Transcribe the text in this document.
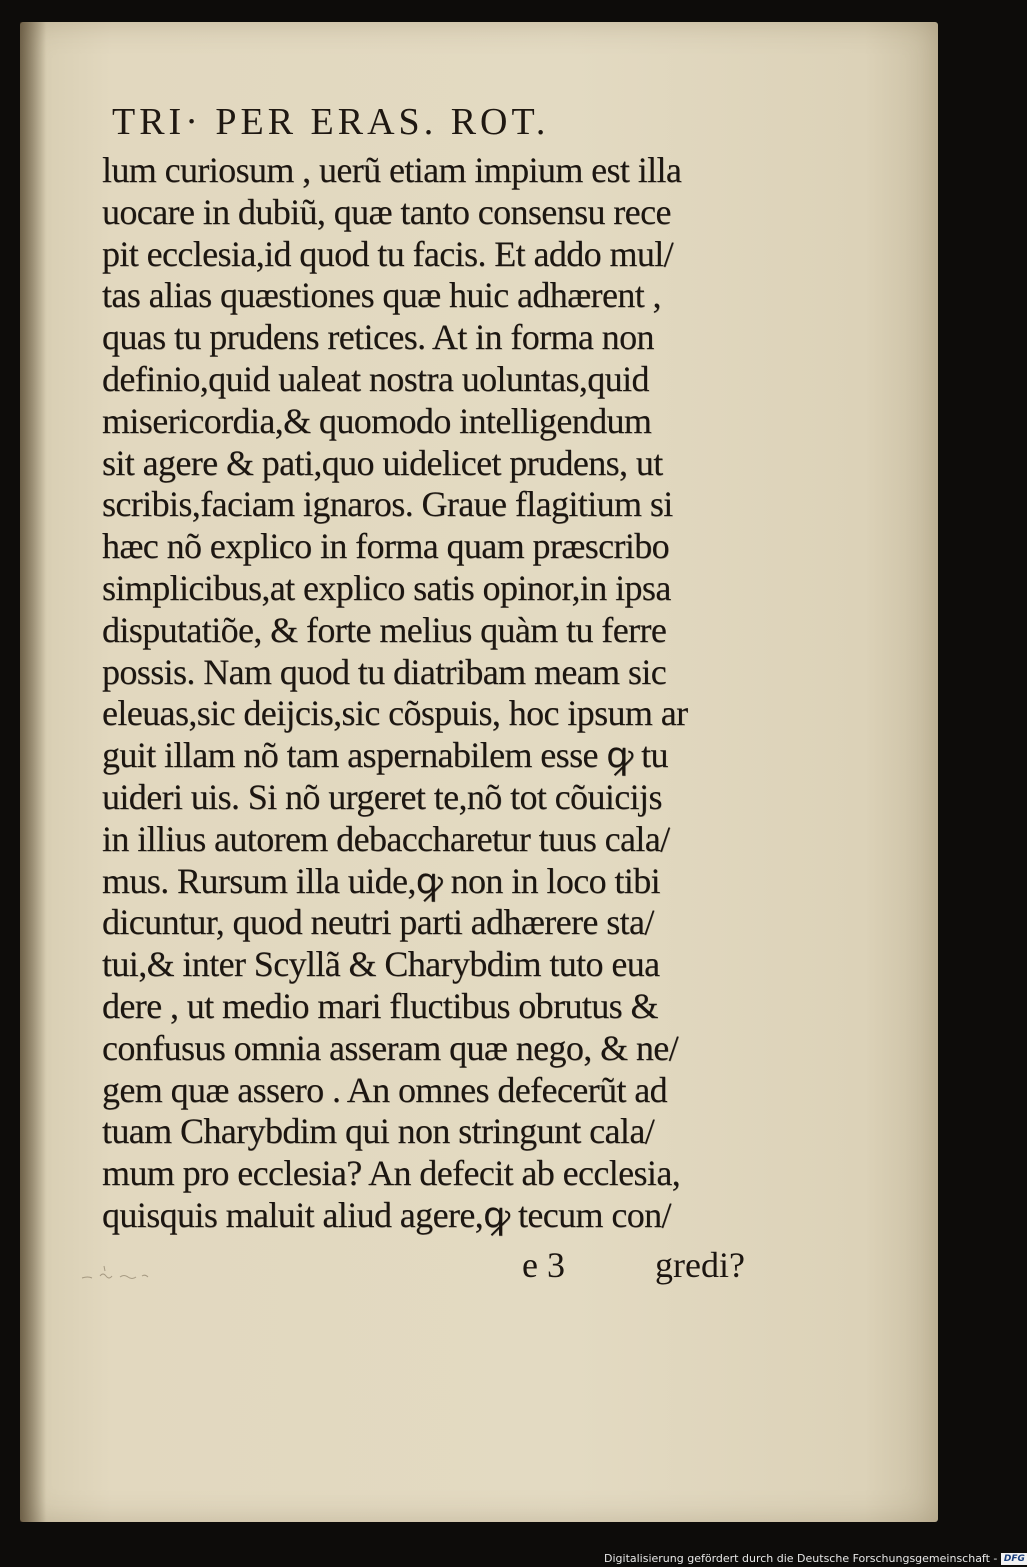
TRI· PER ERAS. ROT.
lum curiosum , uerũ etiam impium est illa
uocare in dubiũ, quæ tanto consensu rece
pit ecclesia,id quod tu facis. Et addo mul/
tas alias quæstiones quæ huic adhærent ,
quas tu prudens retices. At in forma non
definio,quid ualeat nostra uoluntas,quid
misericordia,& quomodo intelligendum
sit agere & pati,quo uidelicet prudens, ut
scribis,faciam ignaros. Graue flagitium si
hæc nõ explico in forma quam præscribo
simplicibus,at explico satis opinor,in ipsa
disputatiõe, & forte melius quàm tu ferre
possis. Nam quod tu diatribam meam sic
eleuas,sic deijcis,sic cõspuis, hoc ipsum ar
guit illam nõ tam aspernabilem esse ꝙ tu
uideri uis. Si nõ urgeret te,nõ tot cõuicijs
in illius autorem debaccharetur tuus cala/
mus. Rursum illa uide,ꝙ non in loco tibi
dicuntur, quod neutri parti adhærere sta/
tui,& inter Scyllã & Charybdim tuto eua
dere , ut medio mari fluctibus obrutus &
confusus omnia asseram quæ nego, & ne/
gem quæ assero . An omnes defecerũt ad
tuam Charybdim qui non stringunt cala/
mum pro ecclesia? An defecit ab ecclesia,
quisquis maluit aliud agere,ꝙ tecum con/
e 3	gredi?
Digitalisierung gefördert durch die Deutsche Forschungsgemeinschaft - DFG
